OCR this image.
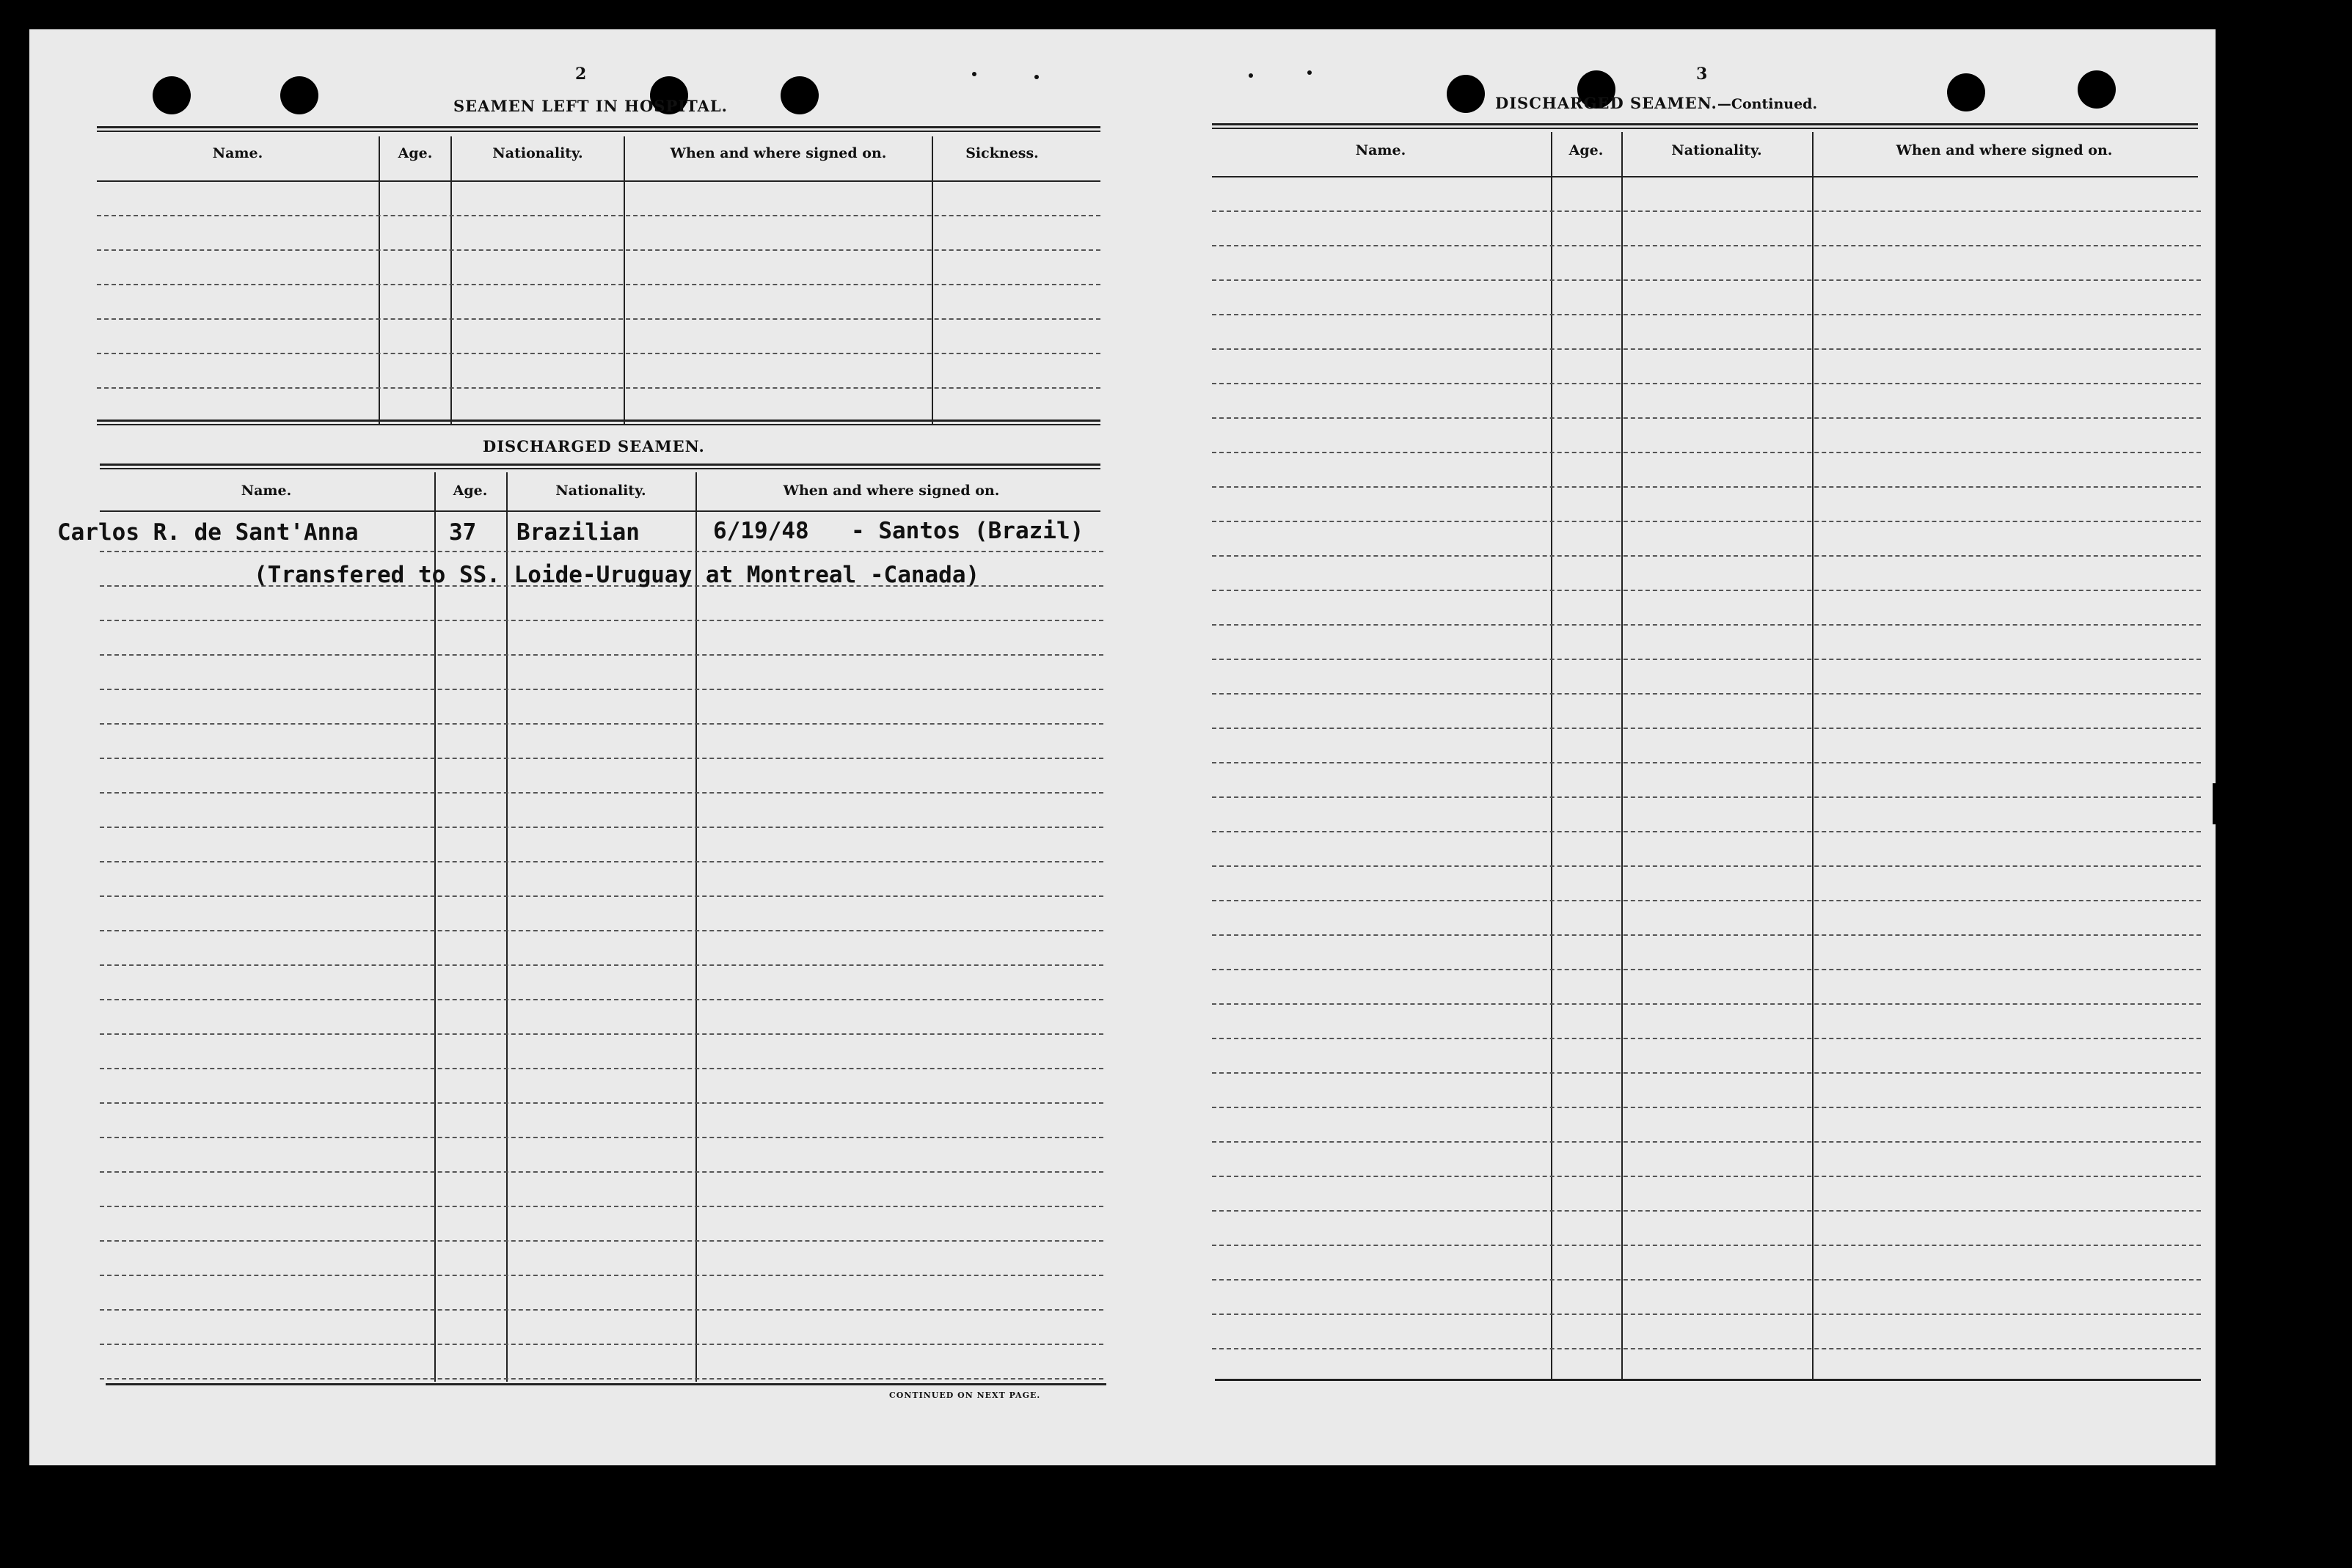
2
SEAMEN LEFT IN HOSPITAL.
Name.	Age.	Nationality.	When and where signed on.	Sickness.
DISCHARGED SEAMEN.
Name.	Age.	Nationality.	When and where signed on.
Carlos R. de Sant'Anna	37 Brazilian	6/19/48 - Santos (Brazil)
(Transfered to SS. Loide-Uruguay at Montreal -Canada)
CONTINUED ON NEXT PAGE.
3
DISCHARGED SEAMEN.—Continued.
Name.	Age.	Nationality.	When and where signed on.
